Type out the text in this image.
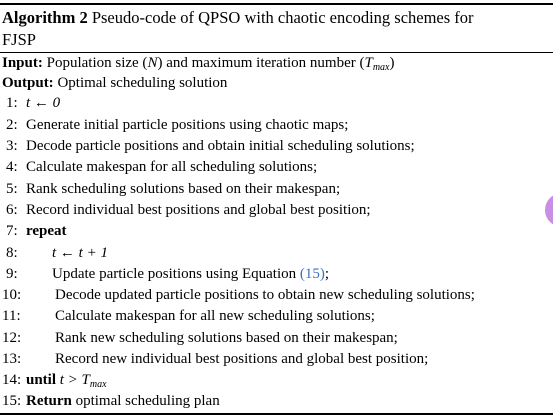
Algorithm 2 Pseudo-code of QPSO with chaotic encoding schemes for
FJSP

Input: Population size (N) and maximum iteration number $(T_{max})$
Output: Optimal scheduling solution
1: t ← 0
2: Generate initial particle positions using chaotic maps;
3: Decode particle positions and obtain initial scheduling solutions;
4: Calculate makespan for all scheduling solutions;
5: Rank scheduling solutions based on their makespan;
6: Record individual best positions and global best position;
7: repeat
8: t ← t + 1
9: Update particle positions using Equation (15);
10: Decode updated particle positions to obtain new scheduling solutions;
11: Calculate makespan for all new scheduling solutions;
12: Rank new scheduling solutions based on their makespan;
13: Record new individual best positions and global best position;
14: until $t > T_{max}$
15: Return optimal scheduling plan
